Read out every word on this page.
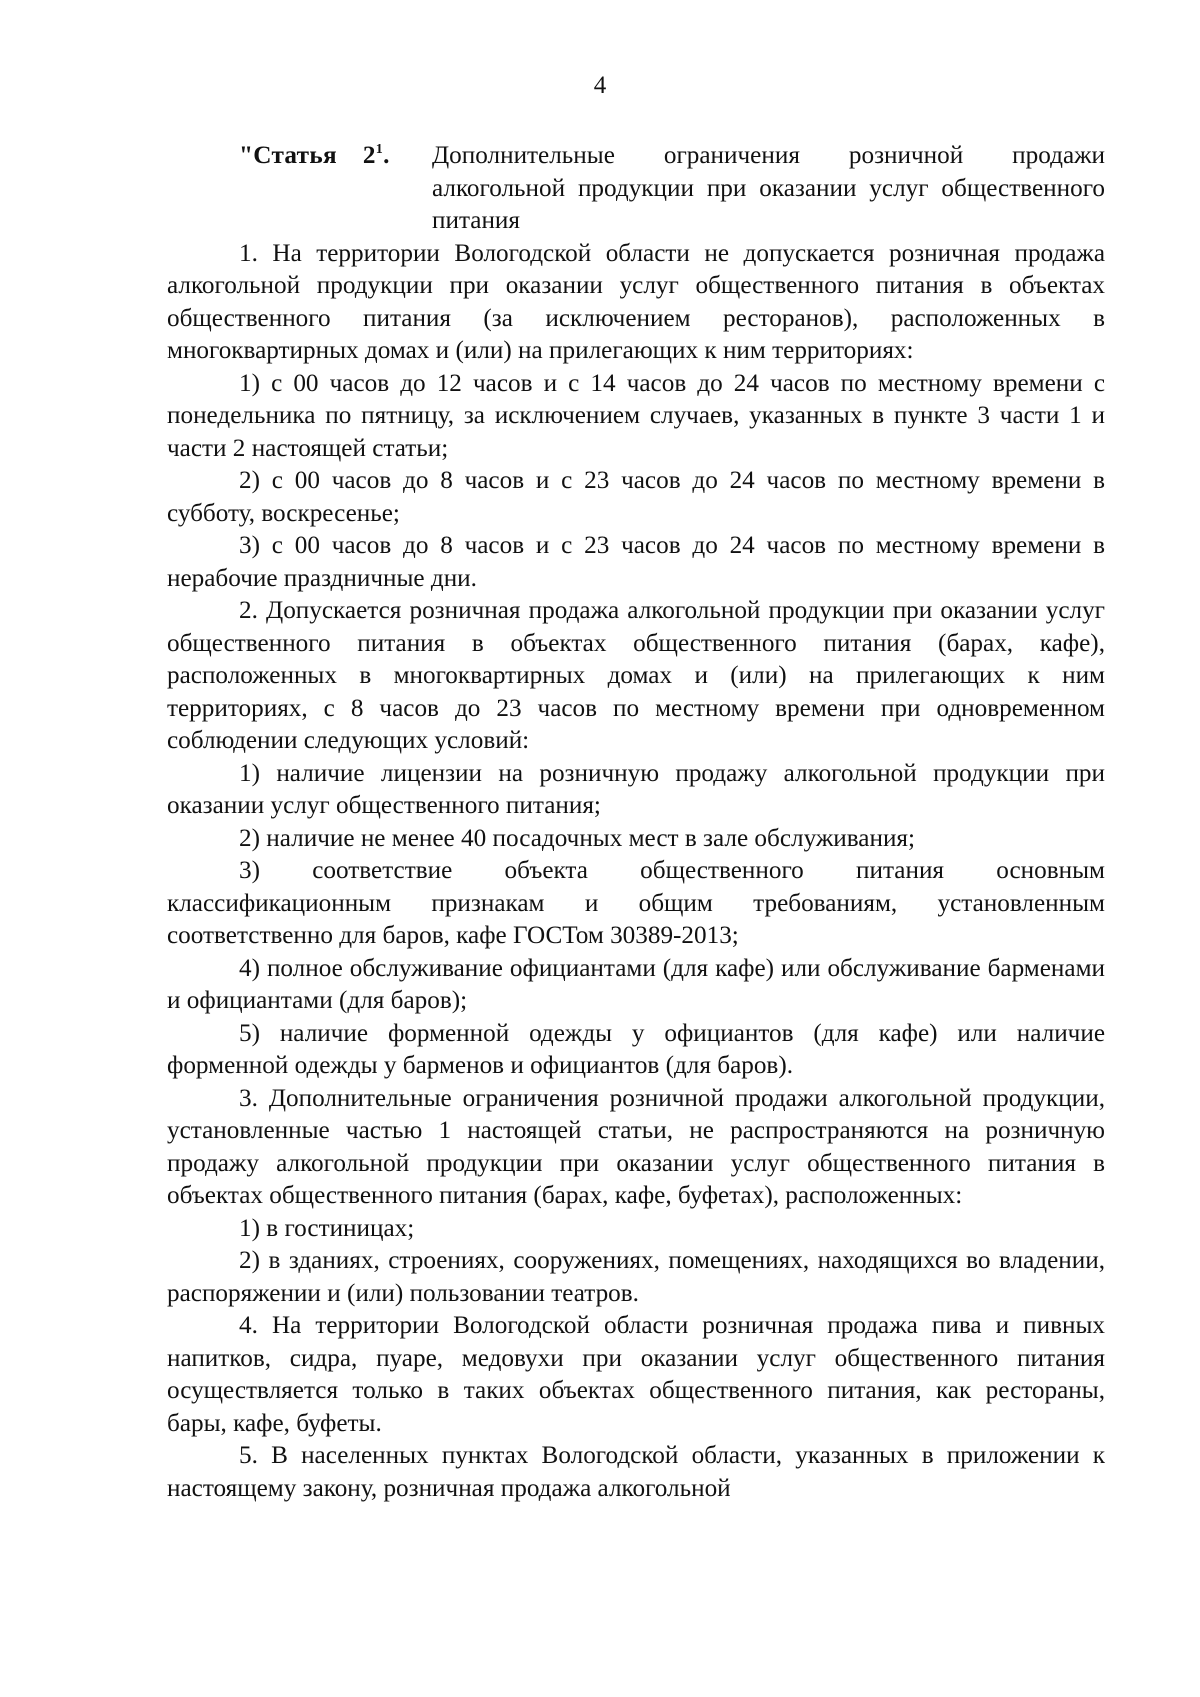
4
"Статья $2^1$.	Дополнительные ограничения розничной продажи алкогольной продукции при оказании услуг общественного питания

1. На территории Вологодской области не допускается розничная продажа алкогольной продукции при оказании услуг общественного питания в объектах общественного питания (за исключением ресторанов), расположенных в многоквартирных домах и (или) на прилегающих к ним территориях:

1) с 00 часов до 12 часов и с 14 часов до 24 часов по местному времени с понедельника по пятницу, за исключением случаев, указанных в пункте 3 части 1 и части 2 настоящей статьи;

2) с 00 часов до 8 часов и с 23 часов до 24 часов по местному времени в субботу, воскресенье;

3) с 00 часов до 8 часов и с 23 часов до 24 часов по местному времени в нерабочие праздничные дни.

2. Допускается розничная продажа алкогольной продукции при оказании услуг общественного питания в объектах общественного питания (барах, кафе), расположенных в многоквартирных домах и (или) на прилегающих к ним территориях, с 8 часов до 23 часов по местному времени при одновременном соблюдении следующих условий:

1) наличие лицензии на розничную продажу алкогольной продукции при оказании услуг общественного питания;

2) наличие не менее 40 посадочных мест в зале обслуживания;

3) соответствие объекта общественного питания основным классификационным признакам и общим требованиям, установленным соответственно для баров, кафе ГОСТом 30389-2013;

4) полное обслуживание официантами (для кафе) или обслуживание барменами и официантами (для баров);

5) наличие форменной одежды у официантов (для кафе) или наличие форменной одежды у барменов и официантов (для баров).

3. Дополнительные ограничения розничной продажи алкогольной продукции, установленные частью 1 настоящей статьи, не распространяются на розничную продажу алкогольной продукции при оказании услуг общественного питания в объектах общественного питания (барах, кафе, буфетах), расположенных:

1) в гостиницах;

2) в зданиях, строениях, сооружениях, помещениях, находящихся во владении, распоряжении и (или) пользовании театров.

4. На территории Вологодской области розничная продажа пива и пивных напитков, сидра, пуаре, медовухи при оказании услуг общественного питания осуществляется только в таких объектах общественного питания, как рестораны, бары, кафе, буфеты.

5. В населенных пунктах Вологодской области, указанных в приложении к настоящему закону, розничная продажа алкогольной
